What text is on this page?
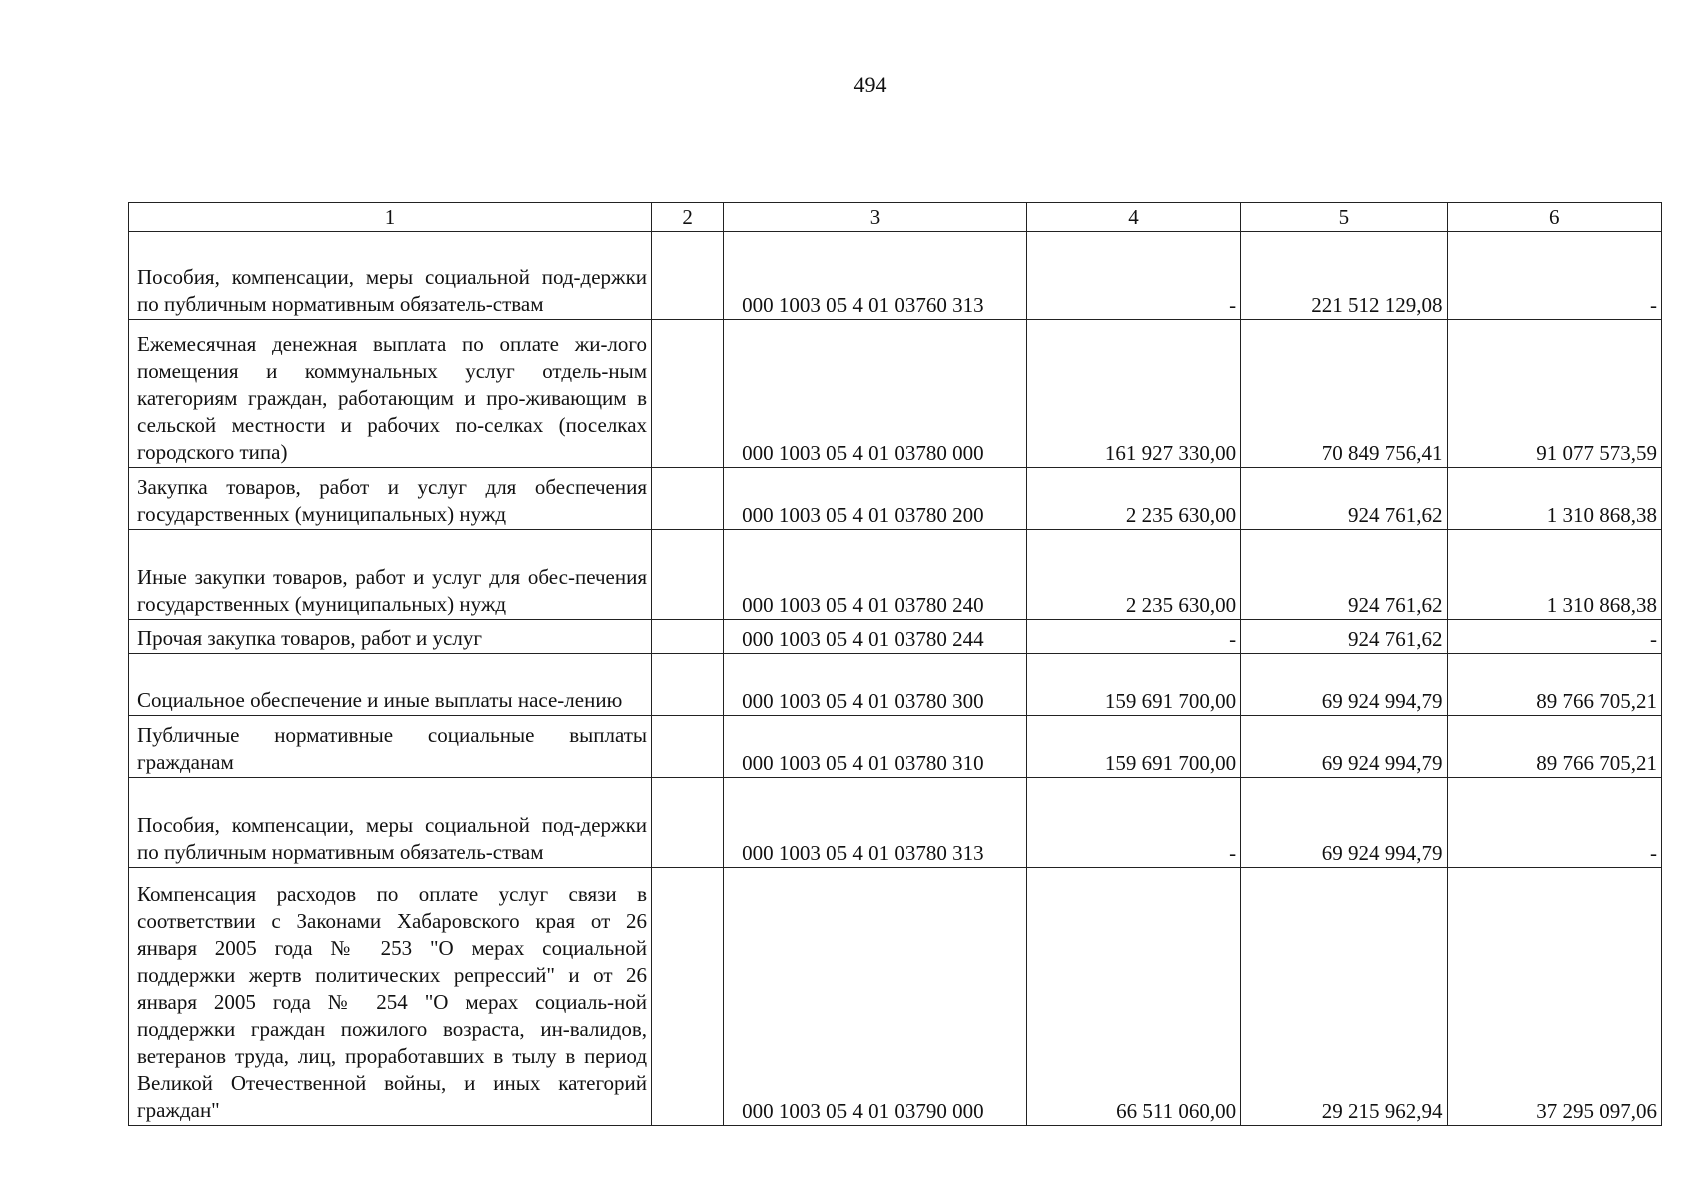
494
1	2	3	4	5	6
Пособия, компенсации, меры социальной под-держки по публичным нормативным обязатель-ствам		000 1003 05 4 01 03760 313	-	221 512 129,08	-
Ежемесячная денежная выплата по оплате жи-лого помещения и коммунальных услуг отдель-ным категориям граждан, работающим и про-живающим в сельской местности и рабочих по-селках (поселках городского типа)		000 1003 05 4 01 03780 000	161 927 330,00	70 849 756,41	91 077 573,59
Закупка товаров, работ и услуг для обеспечения государственных (муниципальных) нужд		000 1003 05 4 01 03780 200	2 235 630,00	924 761,62	1 310 868,38
Иные закупки товаров, работ и услуг для обес-печения государственных (муниципальных) нужд		000 1003 05 4 01 03780 240	2 235 630,00	924 761,62	1 310 868,38
Прочая закупка товаров, работ и услуг		000 1003 05 4 01 03780 244	-	924 761,62	-
Социальное обеспечение и иные выплаты насе-лению		000 1003 05 4 01 03780 300	159 691 700,00	69 924 994,79	89 766 705,21
Публичные нормативные социальные выплаты гражданам		000 1003 05 4 01 03780 310	159 691 700,00	69 924 994,79	89 766 705,21
Пособия, компенсации, меры социальной под-держки по публичным нормативным обязатель-ствам		000 1003 05 4 01 03780 313	-	69 924 994,79	-
Компенсация расходов по оплате услуг связи в соответствии с Законами Хабаровского края от 26 января 2005 года № 253 "О мерах социальной поддержки жертв политических репрессий" и от 26 января 2005 года № 254 "О мерах социаль-ной поддержки граждан пожилого возраста, ин-валидов, ветеранов труда, лиц, проработавших в тылу в период Великой Отечественной войны, и иных категорий граждан"		000 1003 05 4 01 03790 000	66 511 060,00	29 215 962,94	37 295 097,06
